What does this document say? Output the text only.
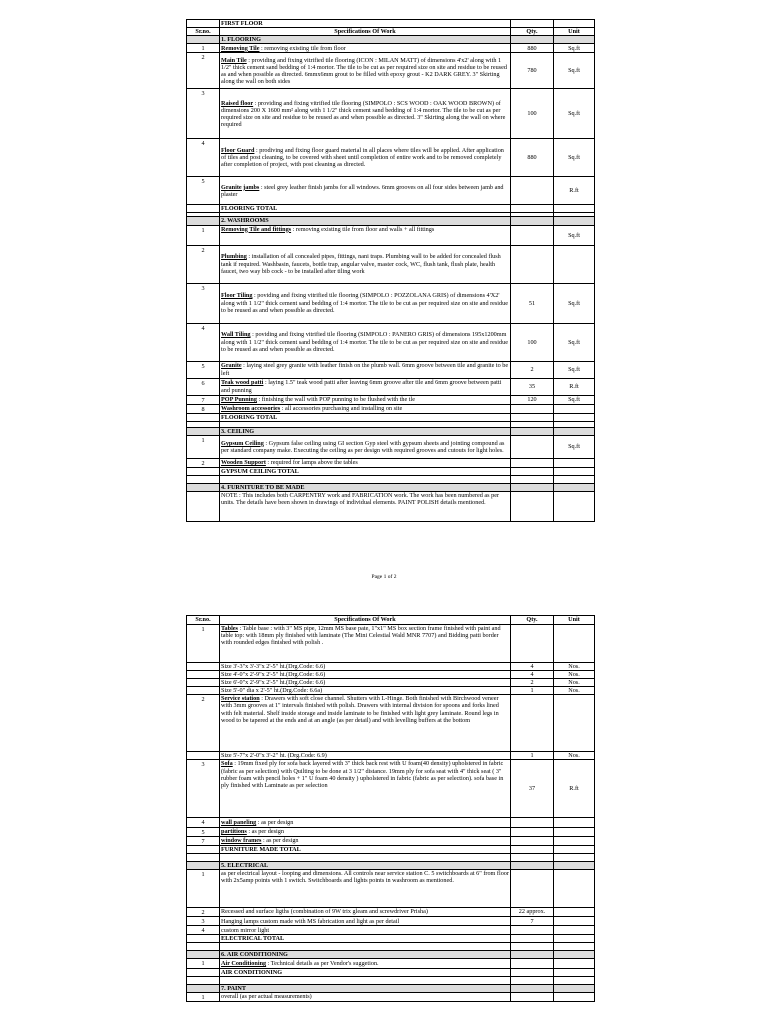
	FIRST FLOOR		
Sr.no.	Specifications Of Work	Qty.	Unit
	1. FLOORING		

1	Removing Tile : removing existing tile from floor	880	Sq.ft

2	Main Tile : providing and fixing vitrified tile flooring (ICON : MILAN MATT) of dimensions 4'x2' along with 1 1/2" thick cement sand bedding of 1:4 mortor. The tile to be cut as per required size on site and residue to be reused as and when possible as directed. 6mmx6mm grout to be filled with epoxy grout - K2 DARK GREY. 3" Skirting along the wall on both sides	780	Sq.ft

3	Raised floor : providing and fixing vitrified tile flooring (SIMPOLO : SCS WOOD : OAK WOOD BROWN) of dimensions 200 X 1600 mm² along with 1 1/2" thick cement sand bedding of 1:4 mortor. The tile to be cut as per required size on site and residue to be reused as and when possible as directed. 3" Skirting along the wall on where required	100	Sq.ft

4	Floor Guard : prodiving and fixing floor guard material in all places where tiles will be applied. After application of tiles and post cleaning, to be covered with sheet until completion of entire work and to be removed completely after completion of project, with post cleaning as directed.	880	Sq.ft

5	Granite jambs : steel grey leather finish jambs for all windows. 6mm grooves on all four sides between jamb and plaster		R.ft
	FLOORING TOTAL		

	2. WASHROOMS		

1	Removing Tile and fittings : removing existing tile from floor and walls + all fittings		Sq.ft

2	Plumbing : installation of all concealed pipes, fittings, nani traps. Plumbing wall to be added for concealed flush tank if required. Washbasin, faucets, bottle trap, angular valve, master cock, WC, flush tank, flush plate, health faucet, two way bib cock - to be installed after tiling work		

3	Floor Tiling : poviding and fixing vitrified tile flooring (SIMPOLO : POZZOLANA GRIS) of dimensions 4'X2' along with 1 1/2" thick cement sand bedding of 1:4 mortor. The tile to be cut as per required size on site and residue to be reused as and when possible as directed.	51	Sq.ft

4	Wall Tiling : poviding and fixing vitrified tile flooring (SIMPOLO : PANERO GRIS) of dimensions 195x1200mm along with 1 1/2" thick cement sand bedding of 1:4 mortor. The tile to be cut as per required size on site and residue to be reused as and when possible as directed.	100	Sq.ft

5	Granite : laying steel grey granite with leather finish on the plumb wall. 6mm groove between tile and granite to be left	2	Sq.ft

6	Teak wood patti : laying 1.5" teak wood patti after leaving 6mm groove after tile and 6mm groove between patti and punning	35	R.ft

7	POP Punning : finishing the wall with POP punning to be flushed with the tle	120	Sq.ft

8	Washroom accessories : all accessories purchasing and installing on site		
	FLOORING TOTAL		

	3. CEILING		

1	Gypsum Ceiling : Gypsum false ceiling using GI section Gyp steel with gypsum sheets and jointing compound as per standard company make. Executing the ceiling as per design with required grooves and cutouts for light holes.		Sq.ft

2	Wooden Support : required for lamps above the tables		
	GYPSUM CEILING TOTAL		

	4. FURNITURE TO BE MADE		
	NOTE : This includes both CARPENTRY work and FABRICATION work. The work has been numbered as per units. The details have been shown in drawings of individual elements. PAINT POLISH details mentioned.		
Page 1 of 2
Sr.no.	Specifications Of Work	Qty.	Unit

1	Tables : Table base : with 3" MS pipe, 12mm MS base pate, 1"x1" MS box section frame finished with paint and table top: with 18mm ply finished with laminate (The Mini Celestial Wald MNR 7707) and Bidding patti border with rounded edges finished with polish .		
	Size 3'-3"x 3'-3"x 2'-5" ht.(Drg.Code: 6.6)	4	Nos.
	Size 4'-0"x 2'-9"x 2'-5" ht.(Drg.Code: 6.6)	4	Nos.
	Size 6'-0"x 2'-9"x 2'-5" ht.(Drg.Code: 6.6)	2	Nos.
	Size 5'-0" dia x 2'-5" ht.(Drg.Code: 6.6a)	1	Nos.

2	Service station : Drawers with soft close channel. Shutters with L-Hinge. Both finished with Birchwood veneer with 3mm grooves at 1" intervals finished with polish. Drawers with internal division for spoons and forks lined with felt material. Shelf inside storage and inside laminate to be finished with light grey laminate. Round legs in wood to be tapered at the ends and at an angle (as per detail) and with levelling buffers at the bottom		
	Size 5'-7"x 2'-0"x 3'-2" ht. (Drg.Code: 6.9)	1	Nos.

3	Sofa : 19mm fixed ply for sofa back layered with 3" thick back rest with U foam(40 density) upholstered in fabric (fabric as per selection) with Quilting to be done at 3 1/2" distance. 19mm ply for sofa seat with 4" thick seat ( 3" rubber foam with pencil holes + 1" U foam 40 density ) upholstered in fabric (fabric as per selection). sofa base in ply finished with Laminate as per selection	37	R.ft

4	wall paneling : as per design		

5	partitions : as per design		

7	window frames : as per design		
	FURNITURE MADE TOTAL		

	5. ELECTRICAL		

1	as per electrical layout - looping and dimensions. All controls near service station C. 5 switchboards at 6" from floor with 2x5amp points with 1 switch. Switchboards and lights points in washroom as mentioned.		

2	Recessed and surface ligths (combination of 9W trix gleam and screwdriver Prisha)	22 approx.	

3	Hanging lamps custom made with MS fabrication and light as per detail	7	

4	custom mirror light		
	ELECTRICAL TOTAL		

	6. AIR CONDITIONING		

1	Air Conditioning : Technical details as per Vendor's suggetion.		
	AIR CONDITIONING		

	7. PAINT		

1	overall (as per actual measurements)		
